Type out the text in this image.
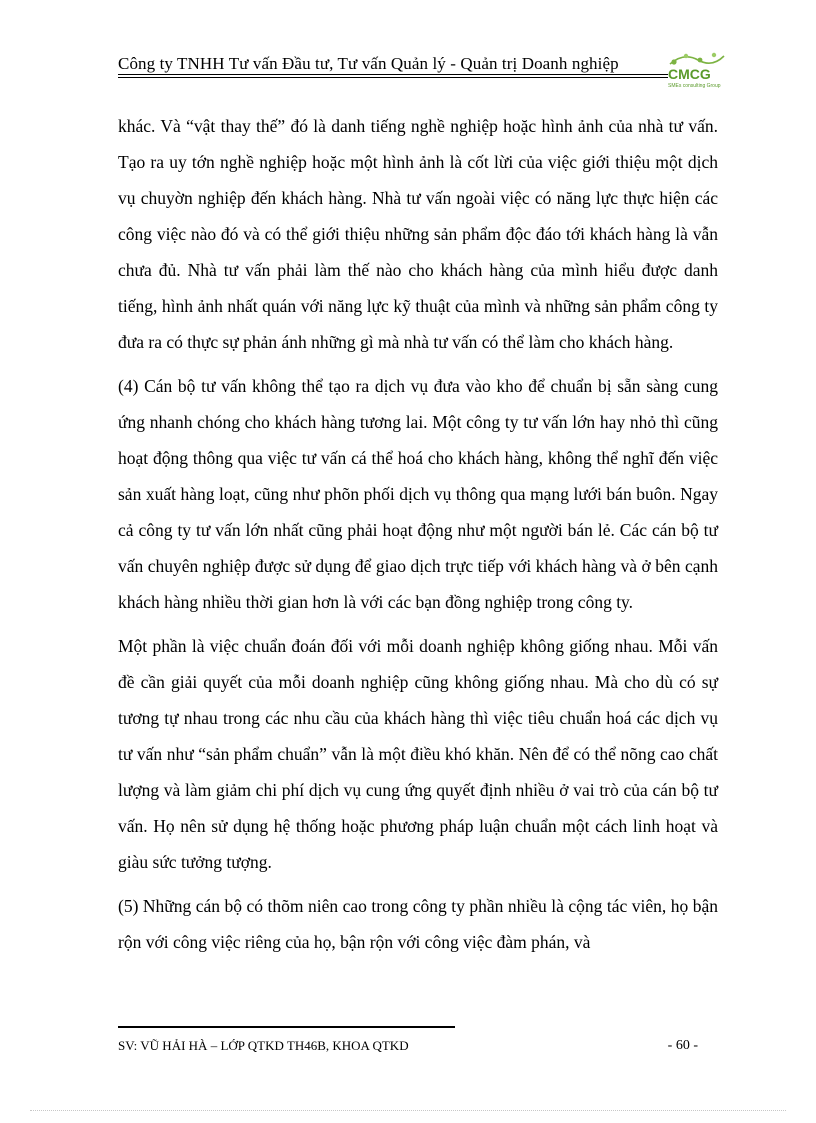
Công ty TNHH Tư vấn Đầu tư, Tư vấn Quản lý - Quản trị Doanh nghiệp
CMCG
SMEs consulting Group

khác. Và “vật thay thế” đó là danh tiếng nghề nghiệp hoặc hình ảnh của nhà tư vấn. Tạo ra uy tớn nghề nghiệp hoặc một hình ảnh là cốt lừi của việc giới thiệu một dịch vụ chuyờn nghiệp đến khách hàng. Nhà tư vấn ngoài việc có năng lực thực hiện các công việc nào đó và có thể giới thiệu những sản phẩm độc đáo tới khách hàng là vẫn chưa đủ. Nhà tư vấn phải làm thế nào cho khách hàng của mình hiểu được danh tiếng, hình ảnh nhất quán với năng lực kỹ thuật của mình và những sản phẩm công ty đưa ra có thực sự phản ánh những gì mà nhà tư vấn có thể làm cho khách hàng.

(4) Cán bộ tư vấn không thể tạo ra dịch vụ đưa vào kho để chuẩn bị sẵn sàng cung ứng nhanh chóng cho khách hàng tương lai. Một công ty tư vấn lớn hay nhỏ thì cũng hoạt động thông qua việc tư vấn cá thể hoá cho khách hàng, không thể nghĩ đến việc sản xuất hàng loạt, cũng như phõn phối dịch vụ thông qua mạng lưới bán buôn. Ngay cả công ty tư vấn lớn nhất cũng phải hoạt động như một người bán lẻ. Các cán bộ tư vấn chuyên nghiệp được sử dụng để giao dịch trực tiếp với khách hàng và ở bên cạnh khách hàng nhiều thời gian hơn là với các bạn đồng nghiệp trong công ty.

Một phần là việc chuẩn đoán đối với mỗi doanh nghiệp không giống nhau. Mỗi vấn đề cần giải quyết của mỗi doanh nghiệp cũng không giống nhau. Mà cho dù có sự tương tự nhau trong các nhu cầu của khách hàng thì việc tiêu chuẩn hoá các dịch vụ tư vấn như “sản phẩm chuẩn” vẫn là một điều khó khăn. Nên để có thể nõng cao chất lượng và làm giảm chi phí dịch vụ cung ứng quyết định nhiều ở vai trò của cán bộ tư vấn. Họ nên sử dụng hệ thống hoặc phương pháp luận chuẩn một cách linh hoạt và giàu sức tưởng tượng.

(5) Những cán bộ có thõm niên cao trong công ty phần nhiều là cộng tác viên, họ bận rộn với công việc riêng của họ, bận rộn với công việc đàm phán, và

SV: VŨ HẢI HÀ – LỚP QTKD TH46B, KHOA QTKD	- 60 -
